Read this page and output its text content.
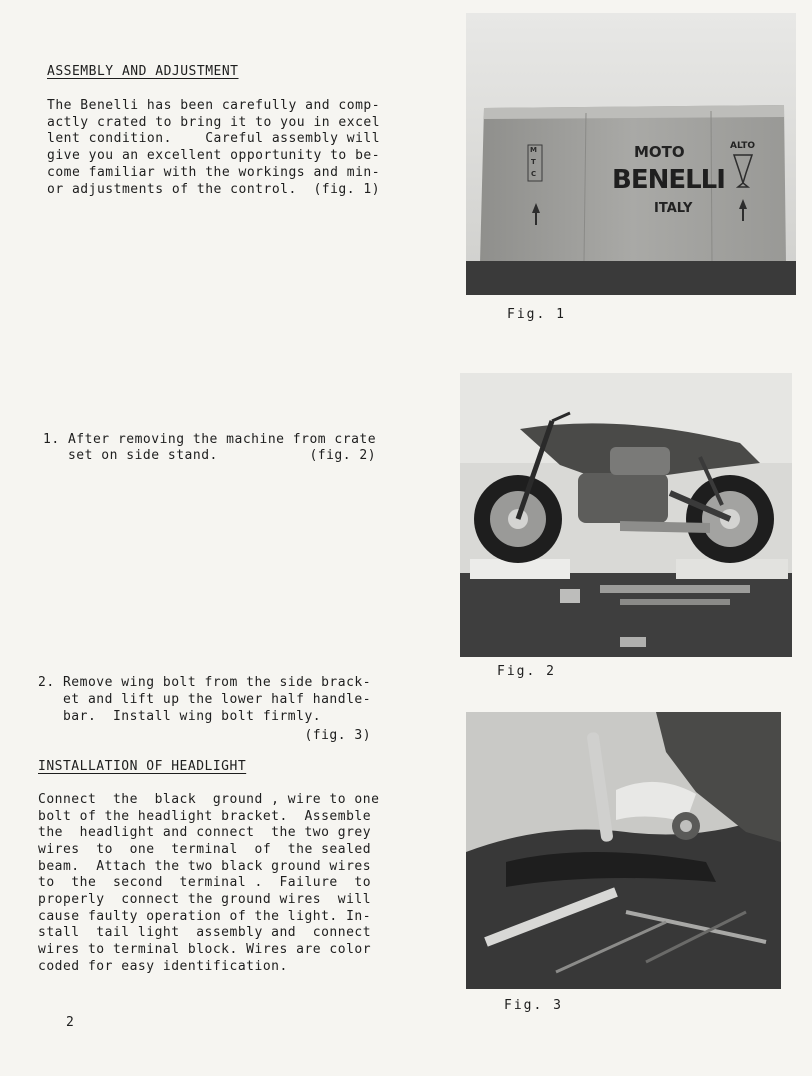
ASSEMBLY AND ADJUSTMENT
The Benelli has been carefully and comp-
actly crated to bring it to you in excel
lent condition.    Careful assembly will
give you an excellent opportunity to be-
come familiar with the workings and min-
or adjustments of the control.  (fig. 1)
1. After removing the machine from crate
set on side stand.           (fig. 2)
2. Remove wing bolt from the side brack-
et and lift up the lower half handle-
bar.  Install wing bolt firmly.
(fig. 3)
INSTALLATION OF HEADLIGHT
Connect  the  black  ground , wire to one
bolt of the headlight bracket.  Assemble
the  headlight and connect  the two grey
wires  to  one  terminal  of  the sealed
beam.  Attach the two black ground wires
to  the  second  terminal .  Failure  to
properly  connect the ground wires  will
cause faulty operation of the light. In-
stall  tail light  assembly and  connect
wires to terminal block. Wires are color
coded for easy identification.
M
T
C
MOTO
BENELLI
ITALY
ALTO
Fig. 1
Fig. 2
Fig. 3
2
